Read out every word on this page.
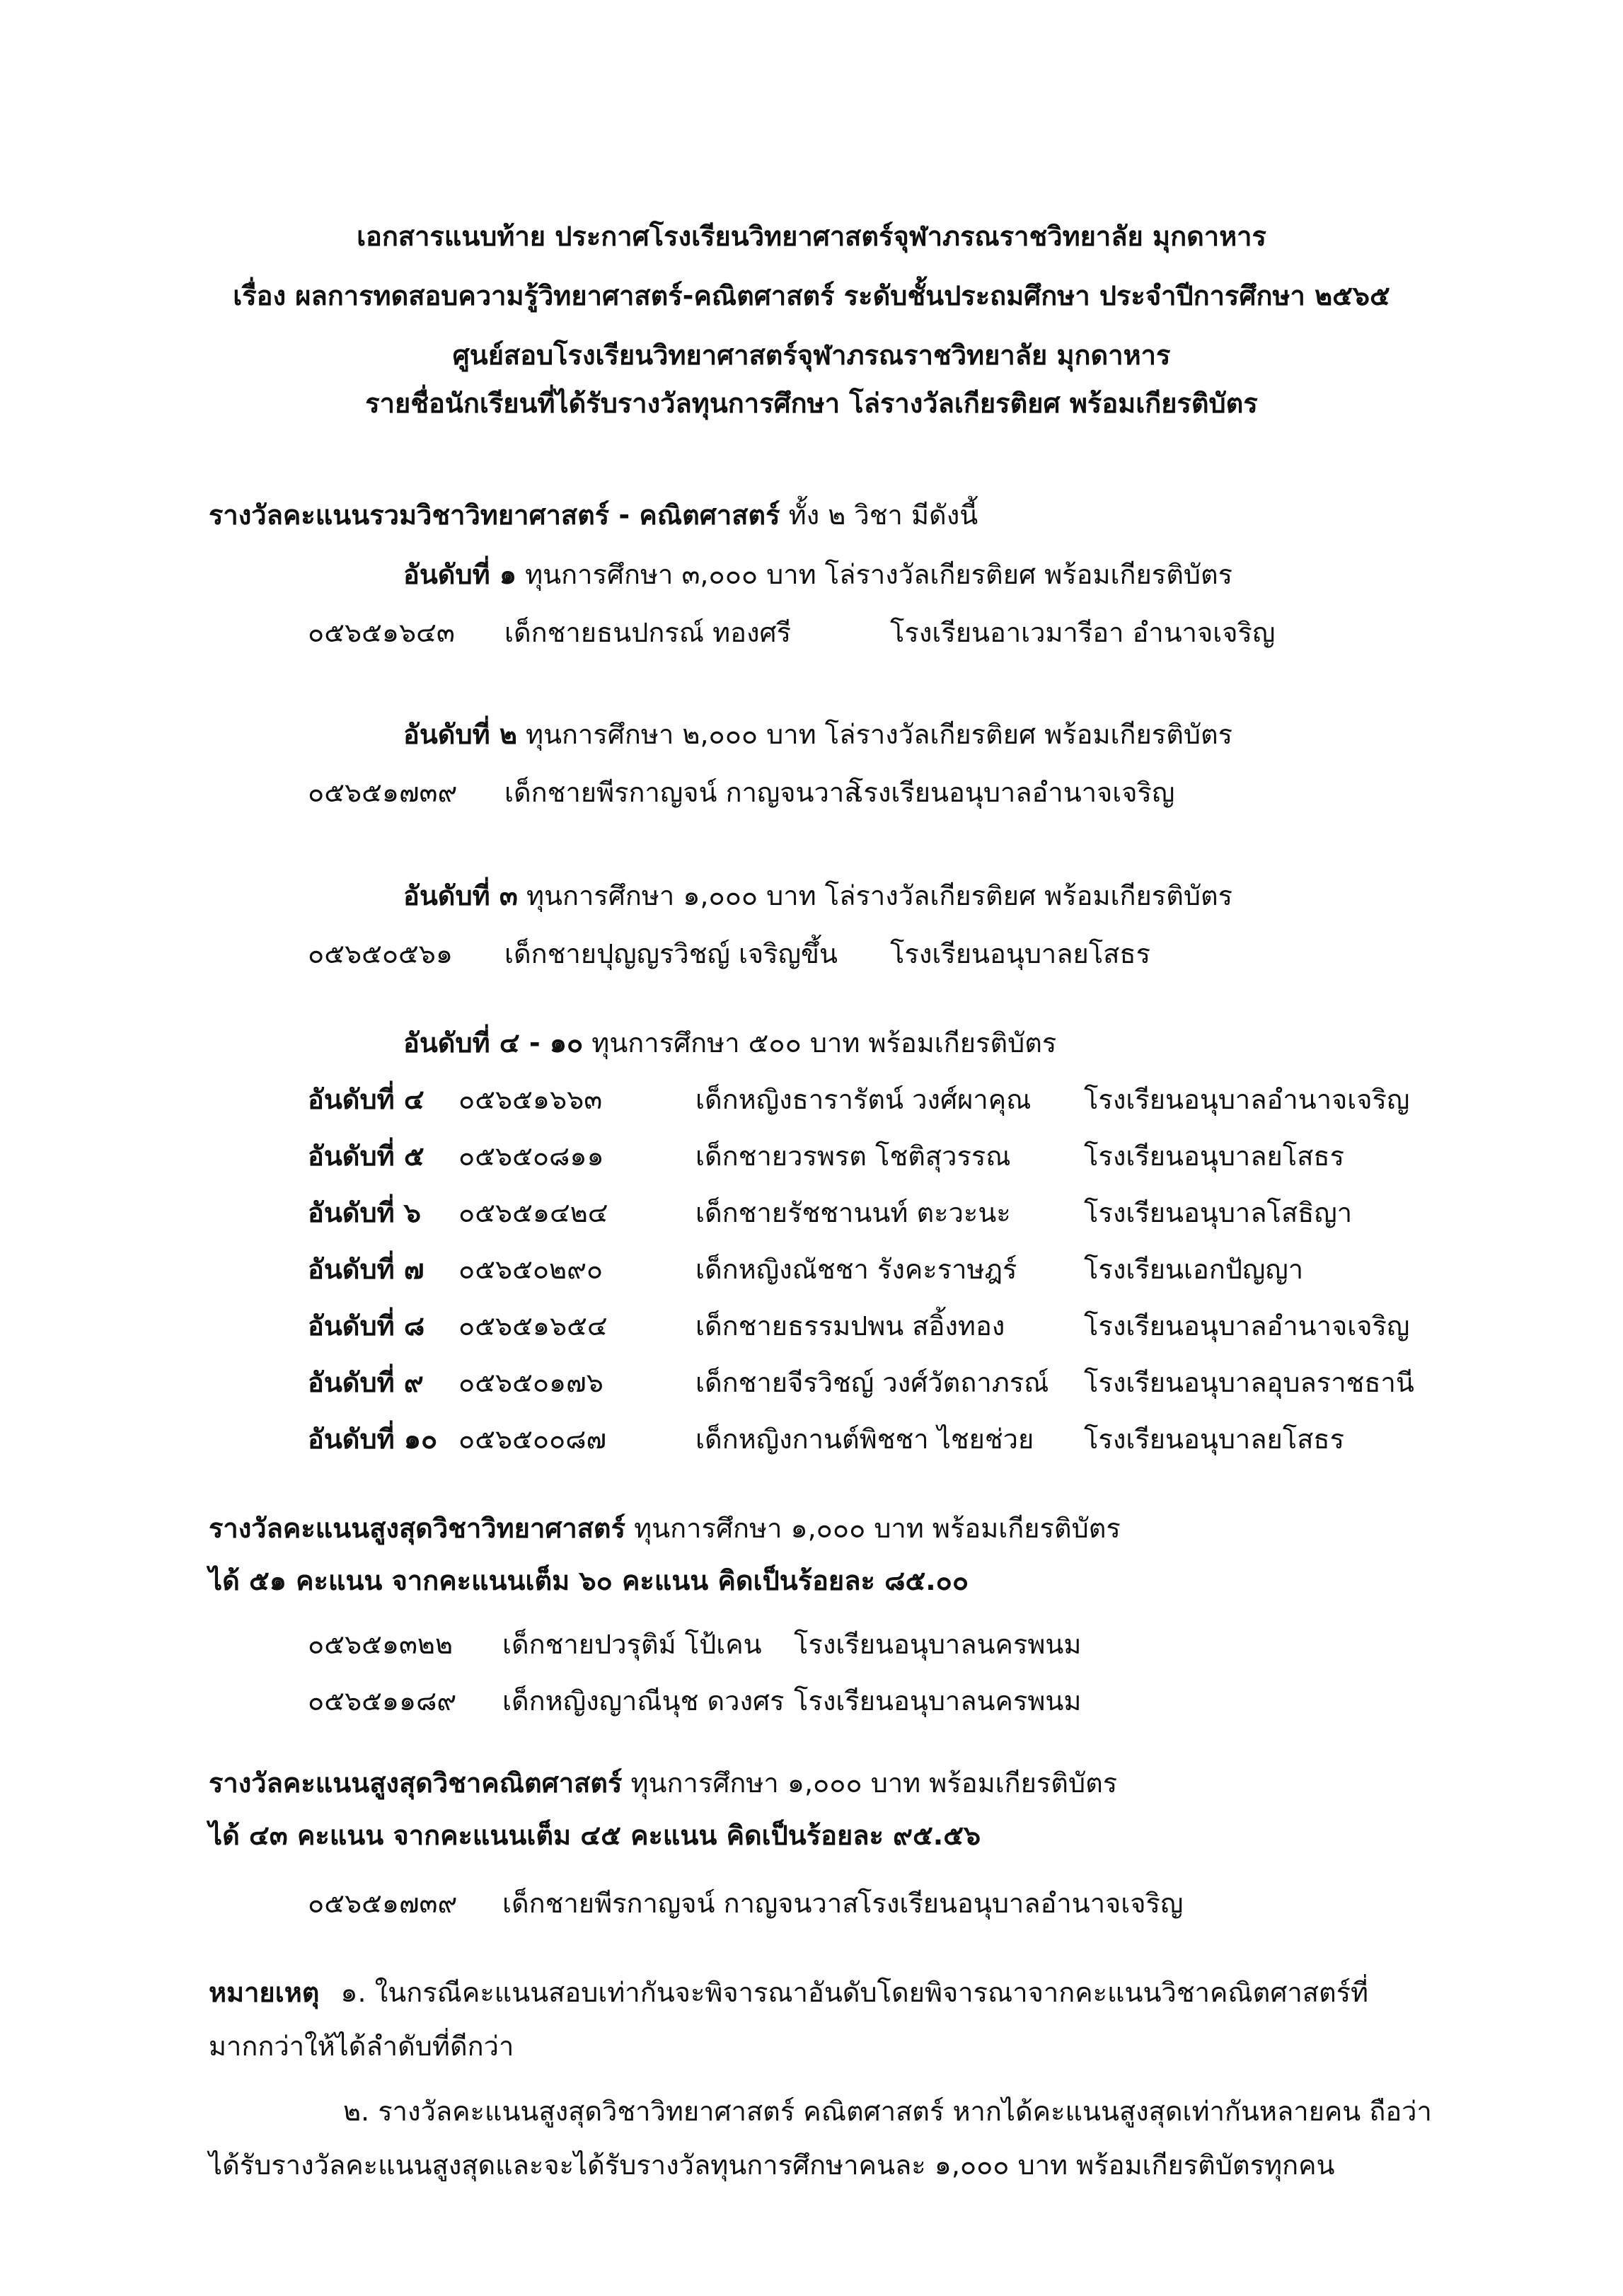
เอกสารแนบท้าย ประกาศโรงเรียนวิทยาศาสตร์จุฬาภรณราชวิทยาลัย มุกดาหาร
เรื่อง ผลการทดสอบความรู้วิทยาศาสตร์-คณิตศาสตร์ ระดับชั้นประถมศึกษา ประจำปีการศึกษา ๒๕๖๕
ศูนย์สอบโรงเรียนวิทยาศาสตร์จุฬาภรณราชวิทยาลัย มุกดาหาร
รายชื่อนักเรียนที่ได้รับรางวัลทุนการศึกษา โล่รางวัลเกียรติยศ พร้อมเกียรติบัตร
รางวัลคะแนนรวมวิชาวิทยาศาสตร์ - คณิตศาสตร์ ทั้ง ๒ วิชา มีดังนี้
อันดับที่ ๑ ทุนการศึกษา ๓,๐๐๐ บาท โล่รางวัลเกียรติยศ พร้อมเกียรติบัตร
๐๕๖๕๑๖๔๓ เด็กชายธนปกรณ์ ทองศรี	โรงเรียนอาเวมารีอา อำนาจเจริญ
อันดับที่ ๒ ทุนการศึกษา ๒,๐๐๐ บาท โล่รางวัลเกียรติยศ พร้อมเกียรติบัตร
๐๕๖๕๑๗๓๙ เด็กชายพีรกาญจน์ กาญจนวาส
โรงเรียนอนุบาลอำนาจเจริญ
อันดับที่ ๓ ทุนการศึกษา ๑,๐๐๐ บาท โล่รางวัลเกียรติยศ พร้อมเกียรติบัตร
๐๕๖๕๐๕๖๑ เด็กชายปุญญรวิชญ์ เจริญขึ้น โรงเรียนอนุบาลยโสธร
อันดับที่ ๔ - ๑๐ ทุนการศึกษา ๕๐๐ บาท พร้อมเกียรติบัตร
อันดับที่ ๔ ๐๕๖๕๑๖๖๓	เด็กหญิงธารารัตน์ วงศ์ผาคุณ โรงเรียนอนุบาลอำนาจเจริญ
อันดับที่ ๕ ๐๕๖๕๐๘๑๑	เด็กชายวรพรต โชติสุวรรณ	โรงเรียนอนุบาลยโสธร
อันดับที่ ๖ ๐๕๖๕๑๔๒๔	เด็กชายรัชชานนท์ ตะวะนะ	โรงเรียนอนุบาลโสธิญา
อันดับที่ ๗ ๐๕๖๕๐๒๙๐	เด็กหญิงณัชชา รังคะราษฎร์ โรงเรียนเอกปัญญา
อันดับที่ ๘ ๐๕๖๕๑๖๕๔	เด็กชายธรรมปพน สอิ้งทอง	โรงเรียนอนุบาลอำนาจเจริญ
อันดับที่ ๙ ๐๕๖๕๐๑๗๖	เด็กชายจีรวิชญ์ วงศ์วัตถาภรณ์ โรงเรียนอนุบาลอุบลราชธานี
อันดับที่ ๑๐ ๐๕๖๕๐๐๘๗	เด็กหญิงกานต์พิชชา ไชยช่วย โรงเรียนอนุบาลยโสธร
รางวัลคะแนนสูงสุดวิชาวิทยาศาสตร์ ทุนการศึกษา ๑,๐๐๐ บาท พร้อมเกียรติบัตร
ได้ ๕๑ คะแนน จากคะแนนเต็ม ๖๐ คะแนน คิดเป็นร้อยละ ๘๕.๐๐
๐๕๖๕๑๓๒๒ เด็กชายปวรุติม์ โป้เคน โรงเรียนอนุบาลนครพนม
๐๕๖๕๑๑๘๙ เด็กหญิงญาณีนุช ดวงศร โรงเรียนอนุบาลนครพนม
รางวัลคะแนนสูงสุดวิชาคณิตศาสตร์ ทุนการศึกษา ๑,๐๐๐ บาท พร้อมเกียรติบัตร
ได้ ๔๓ คะแนน จากคะแนนเต็ม ๔๕ คะแนน คิดเป็นร้อยละ ๙๕.๕๖
๐๕๖๕๑๗๓๙ เด็กชายพีรกาญจน์ กาญจนวาส
โรงเรียนอนุบาลอำนาจเจริญ
หมายเหตุ ๑. ในกรณีคะแนนสอบเท่ากันจะพิจารณาอันดับโดยพิจารณาจากคะแนนวิชาคณิตศาสตร์ที่
มากกว่าให้ได้ลำดับที่ดีกว่า
๒. รางวัลคะแนนสูงสุดวิชาวิทยาศาสตร์ คณิตศาสตร์ หากได้คะแนนสูงสุดเท่ากันหลายคน ถือว่า
ได้รับรางวัลคะแนนสูงสุดและจะได้รับรางวัลทุนการศึกษาคนละ ๑,๐๐๐ บาท พร้อมเกียรติบัตรทุกคน
